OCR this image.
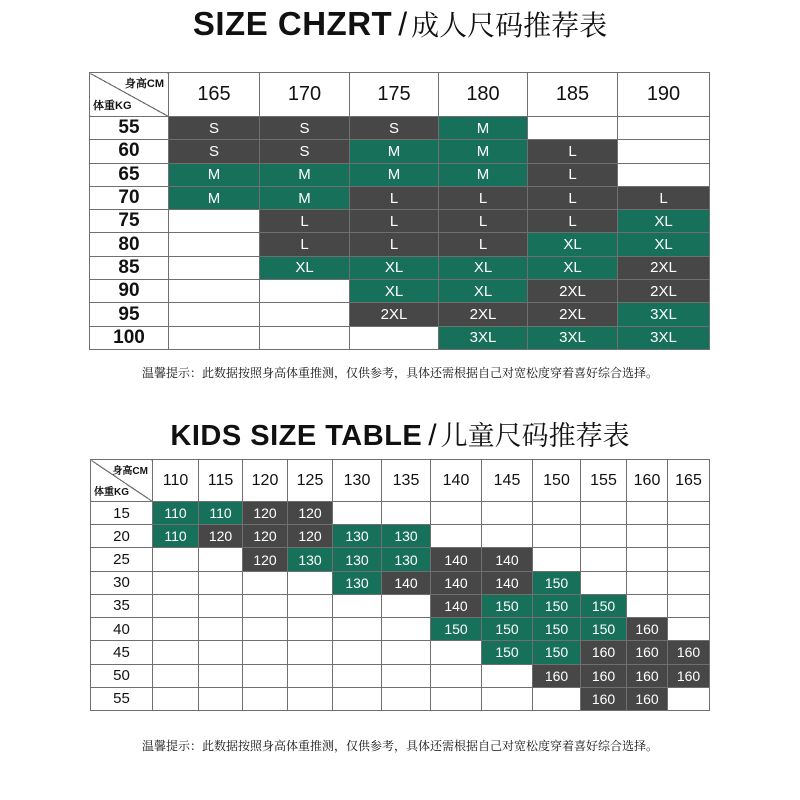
SIZE CHZRT / 成人尺码推荐表
身高CM
体重KG	165	170	175	180	185	190
55	S	S	S	M		
60	S	S	M	M	L	
65	M	M	M	M	L	
70	M	M	L	L	L	L
75		L	L	L	L	XL
80		L	L	L	XL	XL
85		XL	XL	XL	XL	2XL
90			XL	XL	2XL	2XL
95			2XL	2XL	2XL	3XL
100				3XL	3XL	3XL
温馨提示：此数据按照身高体重推测，仅供参考，具体还需根据自己对宽松度穿着喜好综合选择。
KIDS SIZE TABLE / 儿童尺码推荐表
身高CM
体重KG	110	115	120	125	130	135	140	145	150	155	160	165
15	110	110	120	120								
20	110	120	120	120	130	130						
25			120	130	130	130	140	140				
30					130	140	140	140	150			
35							140	150	150	150		
40							150	150	150	150	160	
45								150	150	160	160	160
50									160	160	160	160
55										160	160	
温馨提示：此数据按照身高体重推测，仅供参考，具体还需根据自己对宽松度穿着喜好综合选择。
